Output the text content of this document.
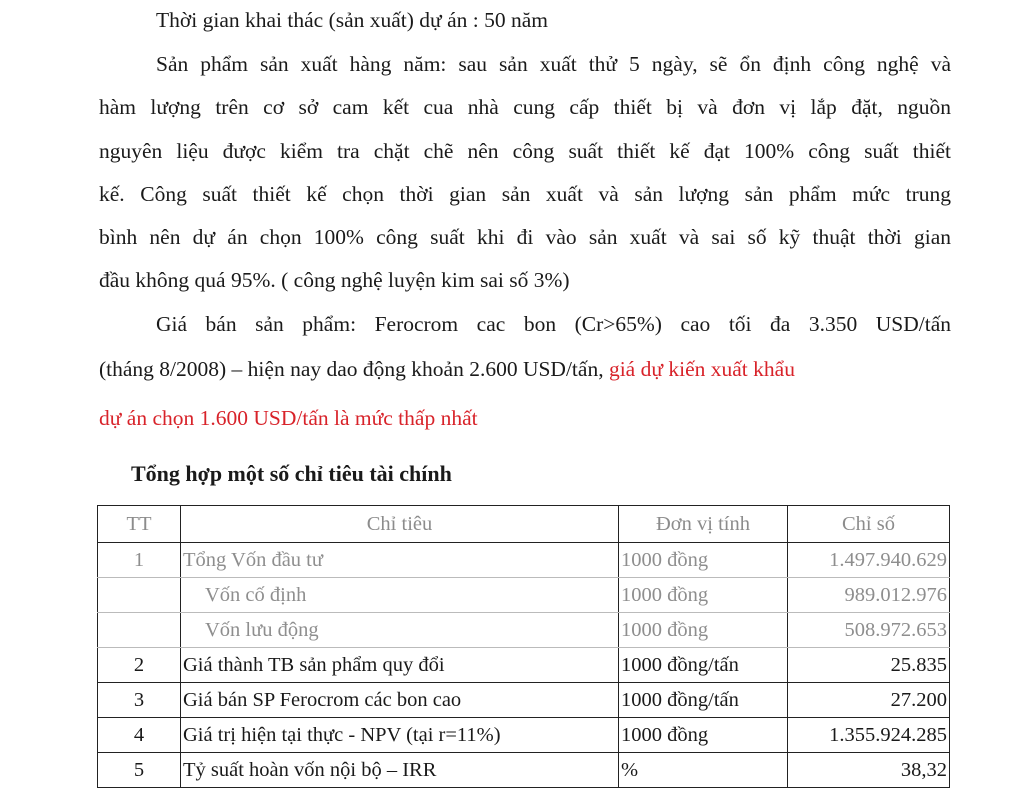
Thời gian khai thác (sản xuất) dự án : 50 năm
Sản phẩm sản xuất hàng năm: sau sản xuất thử 5 ngày, sẽ ổn định công nghệ và
hàm lượng trên cơ sở cam kết cua nhà cung cấp thiết bị và đơn vị lắp đặt, nguồn
nguyên liệu được kiểm tra chặt chẽ nên công suất thiết kế đạt 100% công suất thiết
kế. Công suất thiết kế chọn thời gian sản xuất và sản lượng sản phẩm mức trung
bình nên dự án chọn 100% công suất khi đi vào sản xuất và sai số kỹ thuật thời gian
đầu không quá 95%. ( công nghệ luyện kim sai số 3%)
Giá bán sản phẩm: Ferocrom cac bon (Cr>65%) cao tối đa 3.350 USD/tấn
(tháng 8/2008) – hiện nay dao động khoản 2.600 USD/tấn, giá dự kiến xuất khẩu
dự án chọn 1.600 USD/tấn là mức thấp nhất
Tổng hợp một số chỉ tiêu tài chính
TT	Chỉ tiêu	Đơn vị tính	Chỉ số
1	Tổng Vốn đầu tư	1000 đồng	1.497.940.629
	Vốn cố định	1000 đồng	989.012.976
	Vốn lưu động	1000 đồng	508.972.653
2	Giá thành TB sản phẩm quy đổi	1000 đồng/tấn	25.835
3	Giá bán SP Ferocrom các bon cao	1000 đồng/tấn	27.200
4	Giá trị hiện tại thực - NPV (tại r=11%)	1000 đồng	1.355.924.285
5	Tỷ suất hoàn vốn nội bộ – IRR	%	38,32
